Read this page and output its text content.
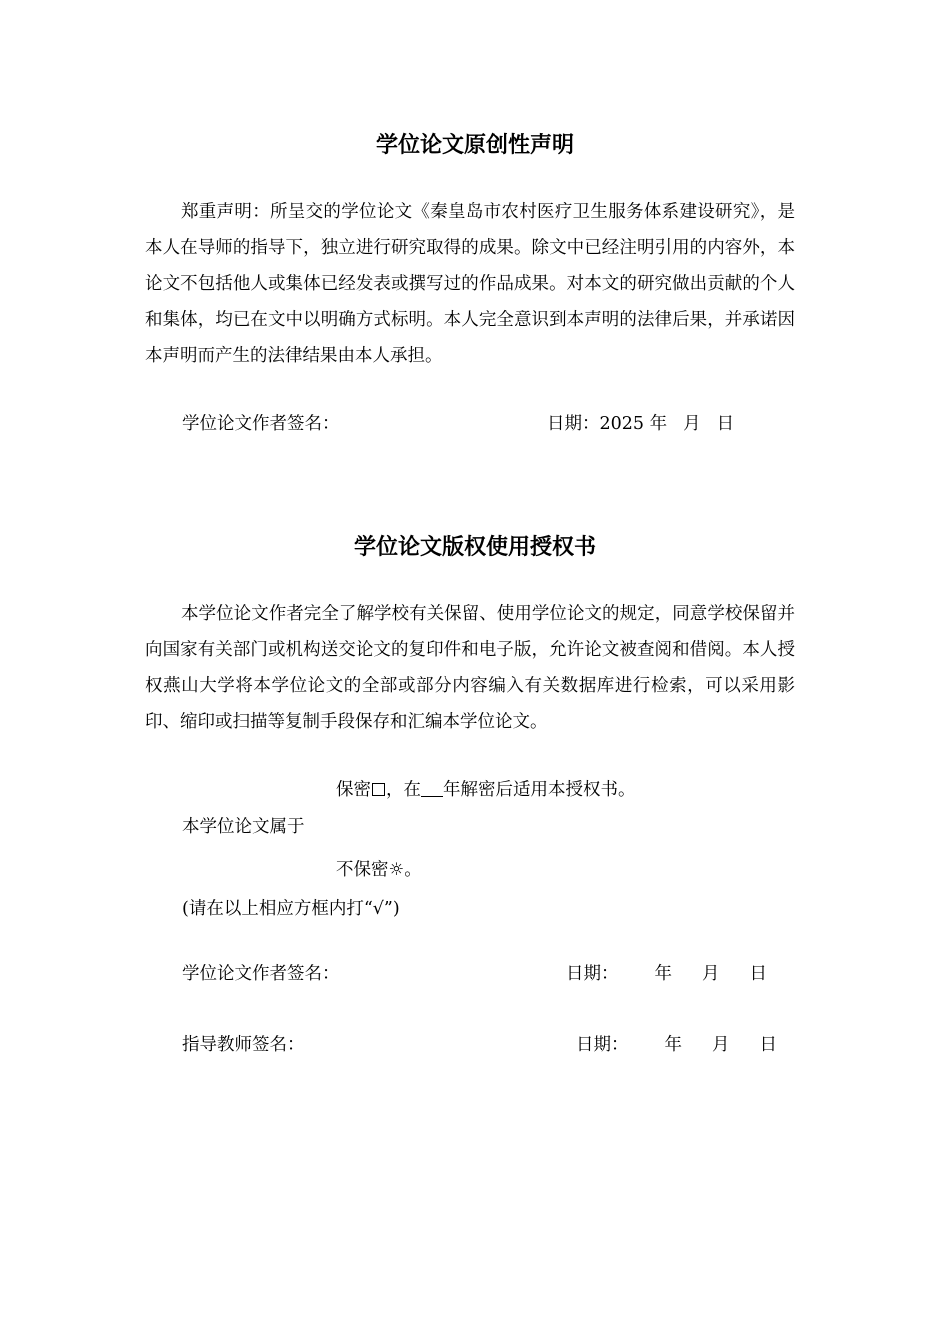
学位论文原创性声明
郑重声明：所呈交的学位论文《秦皇岛市农村医疗卫生服务体系建设研究》，是本人在导师的指导下，独立进行研究取得的成果。除文中已经注明引用的内容外，本论文不包括他人或集体已经发表或撰写过的作品成果。对本文的研究做出贡献的个人和集体，均已在文中以明确方式标明。本人完全意识到本声明的法律后果，并承诺因本声明而产生的法律结果由本人承担。
学位论文作者签名：	日期：2025 年 月 日
学位论文版权使用授权书
本学位论文作者完全了解学校有关保留、使用学位论文的规定，同意学校保留并向国家有关部门或机构送交论文的复印件和电子版，允许论文被查阅和借阅。本人授权燕山大学将本学位论文的全部或部分内容编入有关数据库进行检索，可以采用影印、缩印或扫描等复制手段保存和汇编本学位论文。
保密 ，在 年解密后适用本授权书。
本学位论文属于
不保密☼。
(请在以上相应方框内打“√”)
学位论文作者签名：	日期： 年 月 日
指导教师签名：	日期： 年 月 日
